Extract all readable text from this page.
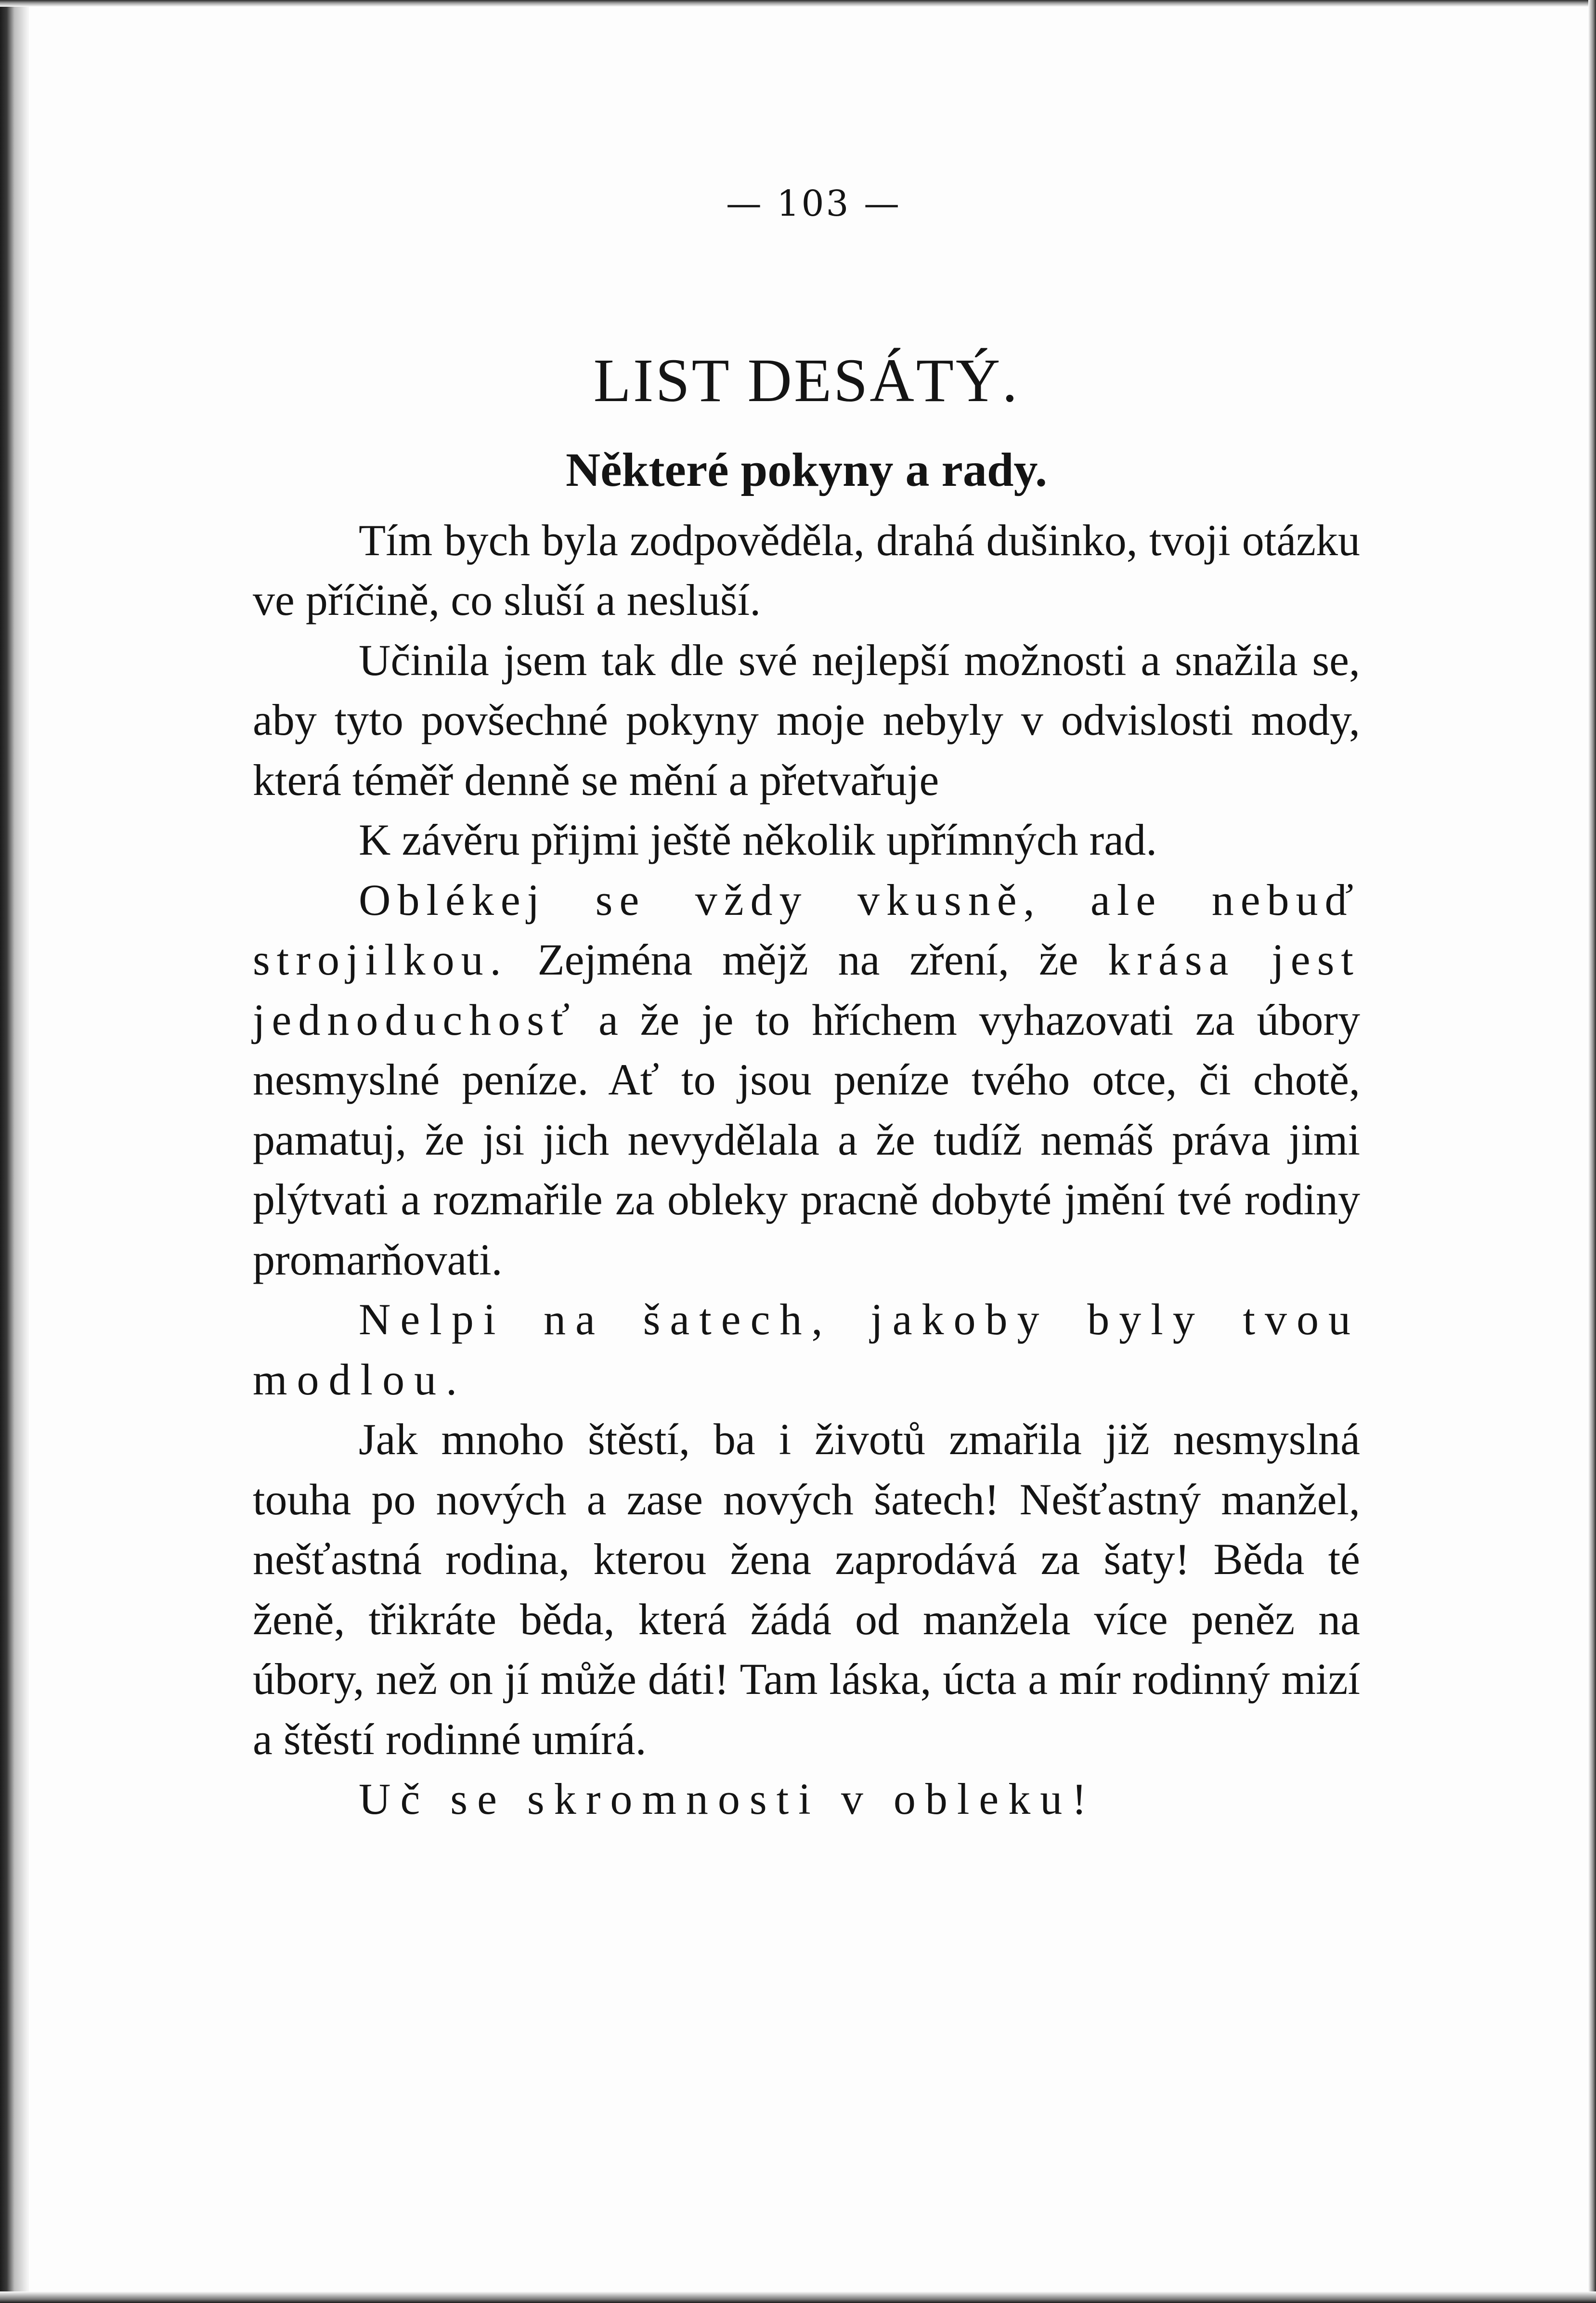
— 103 —
LIST DESÁTÝ.
Některé pokyny a rady.

Tím bych byla zodpověděla, drahá dušinko, tvoji otázku ve příčině, co sluší a nesluší.

Učinila jsem tak dle své nejlepší možnosti a snažila se, aby tyto povšechné pokyny moje nebyly v odvislosti mody, která téměř denně se mění a přetvařuje

K závěru přijmi ještě několik upřímných rad.

Oblékej se vždy vkusně, ale nebuď strojilkou. Zejména mějž na zření, že krása jest jednoduchosť a že je to hříchem vyhazovati za úbory nesmyslné peníze. Ať to jsou peníze tvého otce, či chotě, pamatuj, že jsi jich nevydělala a že tudíž nemáš práva jimi plýtvati a rozmařile za obleky pracně dobyté jmění tvé rodiny promarňovati.

Nelpi na šatech, jakoby byly tvou modlou.

Jak mnoho štěstí, ba i životů zmařila již nesmyslná touha po nových a zase nových šatech! Nešťastný manžel, nešťastná rodina, kterou žena zaprodává za šaty! Běda té ženě, třikráte běda, která žádá od manžela více peněz na úbory, než on jí může dáti! Tam láska, úcta a mír rodinný mizí a štěstí rodinné umírá.

Uč se skromnosti v obleku!
